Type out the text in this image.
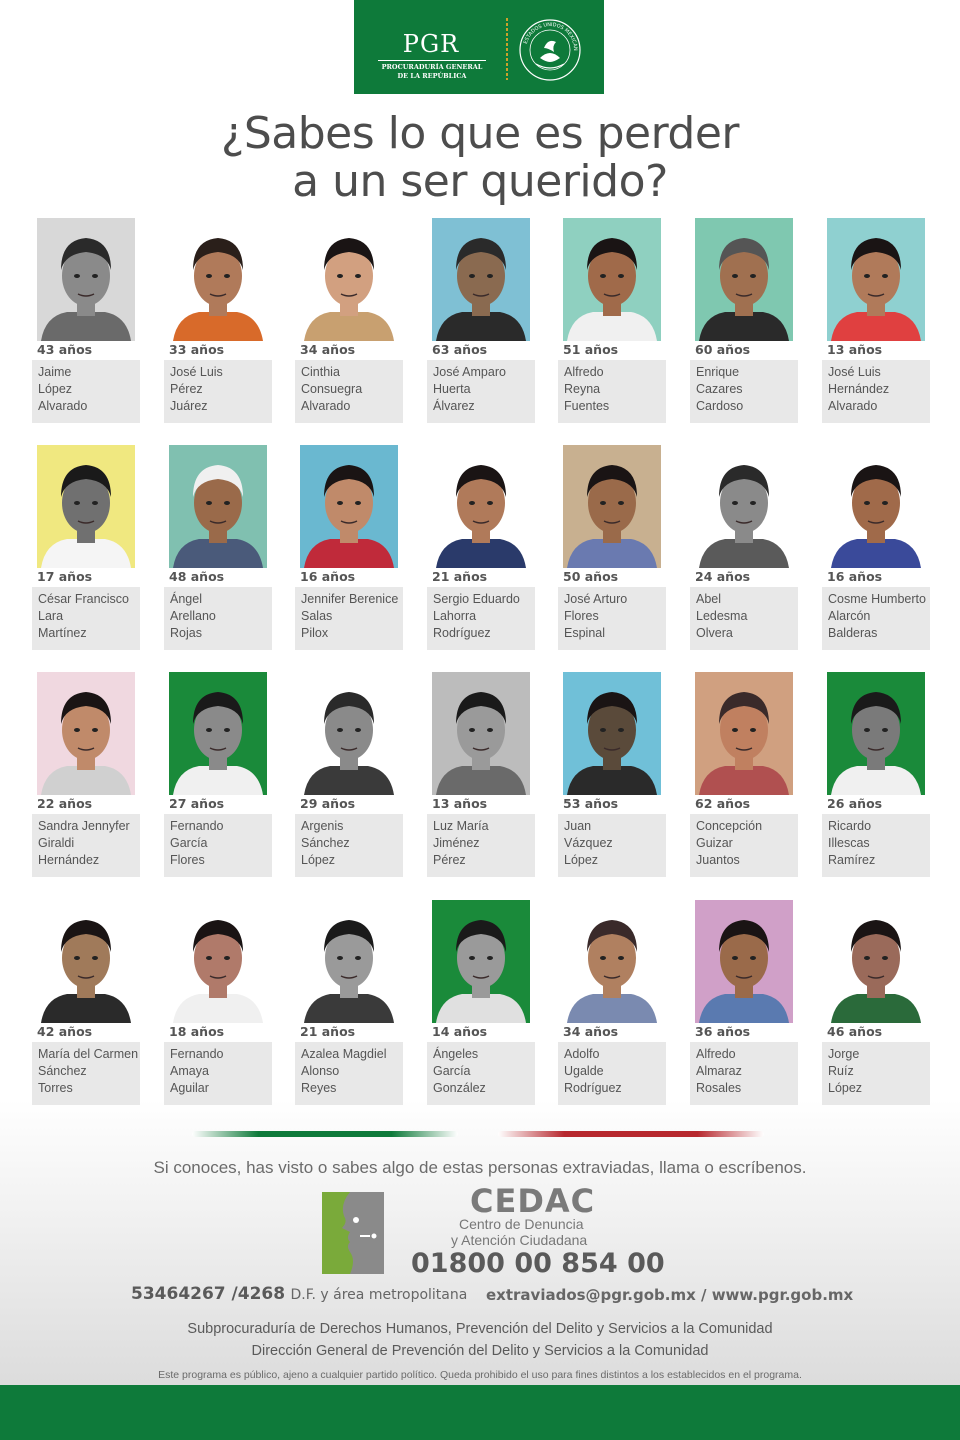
PGR
PROCURADURÍA GENERAL
DE LA REPÚBLICA
ESTADOS UNIDOS MEXICAN
¿Sabes lo que es perder
a un ser querido?
43 años
Jaime
López
Alvarado
33 años
José Luis
Pérez
Juárez
34 años
Cinthia
Consuegra
Alvarado
63 años
José Amparo
Huerta
Álvarez
51 años
Alfredo
Reyna
Fuentes
60 años
Enrique
Cazares
Cardoso
13 años
José Luis
Hernández
Alvarado
17 años
César Francisco
Lara
Martínez
48 años
Ángel
Arellano
Rojas
16 años
Jennifer Berenice
Salas
Pilox
21 años
Sergio Eduardo
Lahorra
Rodríguez
50 años
José Arturo
Flores
Espinal
24 años
Abel
Ledesma
Olvera
16 años
Cosme Humberto
Alarcón
Balderas
22 años
Sandra Jennyfer
Giraldi
Hernández
27 años
Fernando
García
Flores
29 años
Argenis
Sánchez
López
13 años
Luz María
Jiménez
Pérez
53 años
Juan
Vázquez
López
62 años
Concepción
Guizar
Juantos
26 años
Ricardo
Illescas
Ramírez
42 años
María del Carmen
Sánchez
Torres
18 años
Fernando
Amaya
Aguilar
21 años
Azalea Magdiel
Alonso
Reyes
14 años
Ángeles
García
González
34 años
Adolfo
Ugalde
Rodríguez
36 años
Alfredo
Almaraz
Rosales
46 años
Jorge
Ruíz
López
Si conoces, has visto o sabes algo de estas personas extraviadas, llama o escríbenos.
CEDAC
Centro de Denuncia
y Atención Ciudadana
01800 00 854 00
53464267 /4268 D.F. y área metropolitana extraviados@pgr.gob.mx / www.pgr.gob.mx
Subprocuraduría de Derechos Humanos, Prevención del Delito y Servicios a la Comunidad
Dirección General de Prevención del Delito y Servicios a la Comunidad
Este programa es público, ajeno a cualquier partido político. Queda prohibido el uso para fines distintos a los establecidos en el programa.
